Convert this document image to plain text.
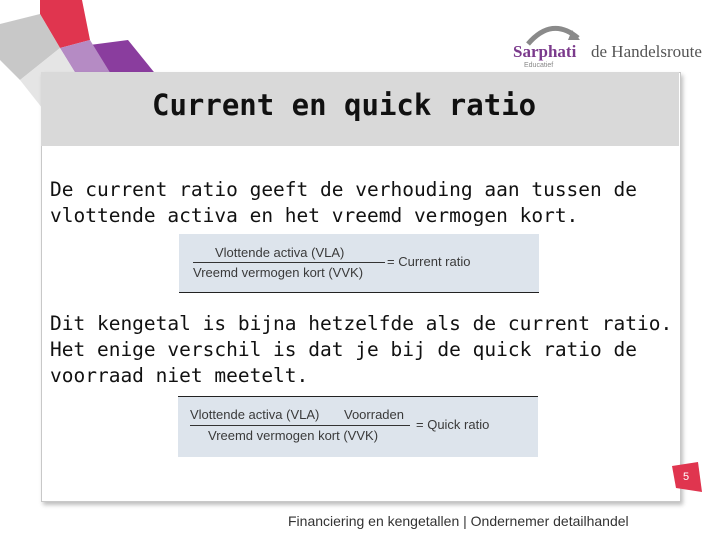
Current en quick ratio

De current ratio geeft de verhouding aan tussen de vlottende activa en het vreemd vermogen kort.

Vlottende activa (VLA)
Vreemd vermogen kort (VVK)
= Current ratio

Dit kengetal is bijna hetzelfde als de current ratio. Het enige verschil is dat je bij de quick ratio de voorraad niet meetelt.

Vlottende activa (VLA) Voorraden
Vreemd vermogen kort (VVK)
= Quick ratio
Sarphati de Handelsroute
Educatief
5

Financiering en kengetallen | Ondernemer detailhandel
